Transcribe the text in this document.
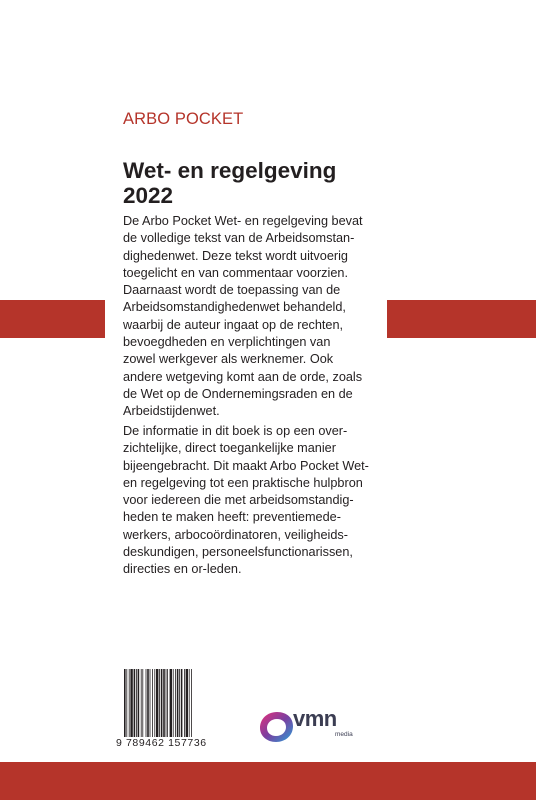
ARBO POCKET
Wet- en regelgeving
2022
De Arbo Pocket Wet- en regelgeving bevat
de volledige tekst van de Arbeidsomstan-
dighedenwet. Deze tekst wordt uitvoerig
toegelicht en van commentaar voorzien.
Daarnaast wordt de toepassing van de
Arbeidsomstandighedenwet behandeld,
waarbij de auteur ingaat op de rechten,
bevoegdheden en verplichtingen van
zowel werkgever als werknemer. Ook
andere wetgeving komt aan de orde, zoals
de Wet op de Ondernemingsraden en de
Arbeidstijdenwet.
De informatie in dit boek is op een over-
zichtelijke, direct toegankelijke manier
bijeengebracht. Dit maakt Arbo Pocket Wet-
en regelgeving tot een praktische hulpbron
voor iedereen die met arbeidsomstandig-
heden te maken heeft: preventiemede-
werkers, arbocoördinatoren, veiligheids-
deskundigen, personeelsfunctionarissen,
directies en or-leden.
9 789462 157736
vmn
media
